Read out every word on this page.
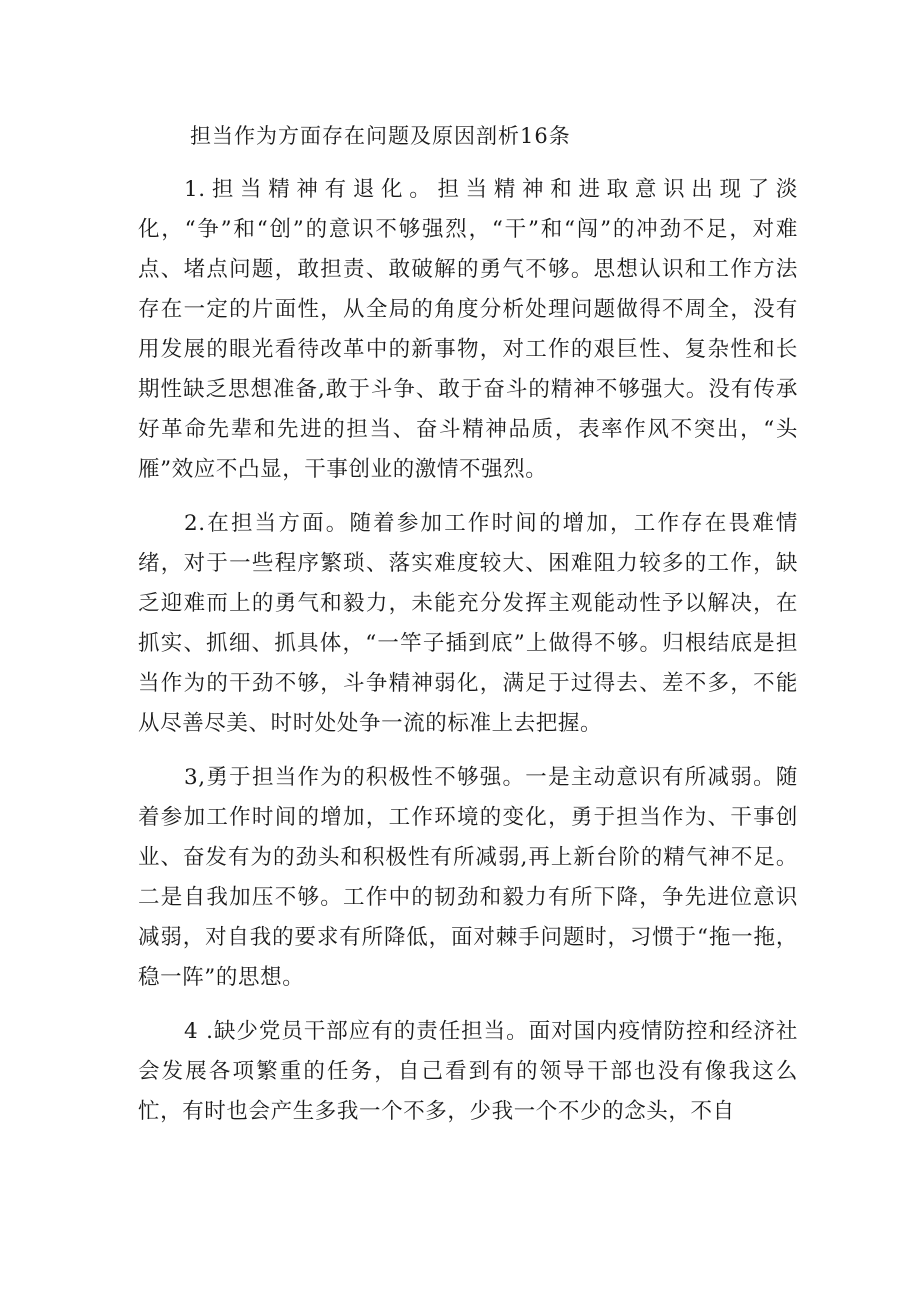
担当作为方面存在问题及原因剖析16条

1.担当精神有退化。担当精神和进取意识出现了淡化，“争”和“创”的意识不够强烈，“干”和“闯”的冲劲不足，对难点、堵点问题，敢担责、敢破解的勇气不够。思想认识和工作方法存在一定的片面性，从全局的角度分析处理问题做得不周全，没有用发展的眼光看待改革中的新事物，对工作的艰巨性、复杂性和长期性缺乏思想准备,敢于斗争、敢于奋斗的精神不够强大。没有传承好革命先辈和先进的担当、奋斗精神品质，表率作风不突出，“头雁”效应不凸显，干事创业的激情不强烈。

2.在担当方面。随着参加工作时间的增加，工作存在畏难情绪，对于一些程序繁琐、落实难度较大、困难阻力较多的工作，缺乏迎难而上的勇气和毅力，未能充分发挥主观能动性予以解决，在抓实、抓细、抓具体，“一竿子插到底”上做得不够。归根结底是担当作为的干劲不够，斗争精神弱化，满足于过得去、差不多，不能从尽善尽美、时时处处争一流的标准上去把握。

3,勇于担当作为的积极性不够强。一是主动意识有所减弱。随着参加工作时间的增加，工作环境的变化，勇于担当作为、干事创业、奋发有为的劲头和积极性有所减弱,再上新台阶的精气神不足。二是自我加压不够。工作中的韧劲和毅力有所下降，争先进位意识减弱，对自我的要求有所降低，面对棘手问题时，习惯于“拖一拖，稳一阵”的思想。

4 .缺少党员干部应有的责任担当。面对国内疫情防控和经济社会发展各项繁重的任务，自己看到有的领导干部也没有像我这么忙，有时也会产生多我一个不多，少我一个不少的念头，不自
